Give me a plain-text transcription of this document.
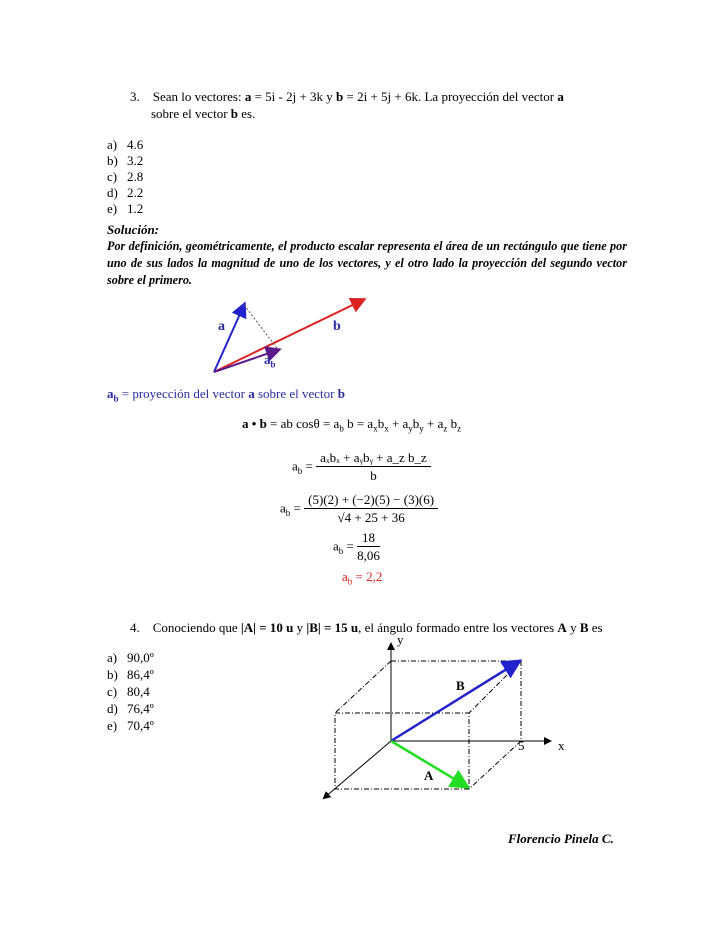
3. Sean lo vectores: a = 5i - 2j + 3k y b = 2i + 5j + 6k. La proyección del vector a
sobre el vector b es.
a) 4.6
b) 3.2
c) 2.8
d) 2.2
e) 1.2
Solución:
Por definición, geométricamente, el producto escalar representa el área de un rectángulo que tiene por uno de sus lados la magnitud de uno de los vectores, y el otro lado la proyección del segundo vector sobre el primero.
a	b
$a_b$
$a_b$ = proyección del vector a sobre el vector b
a • b = ab $\cos\theta = a_b$ $b = a_xb_x + a_yb_y + a_z$ $b_z$
$a_b = \frac{\text{aₓbₓ + aᵧbᵧ + a\_z b\_z}}{b}$
$a_b = \frac{(5)(2) + (-2)(5) - (3)(6)}{√4 + 25 + 36}$
$a_b = \frac{18}{8,06}$
$a_b = 2,2$
4. Conociendo que |A| = 10 u y |B| = 15 u, el ángulo formado entre los vectores A y B es
a) 90,0º
b) 86,4º
c) 80,4
d) 76,4º
e) 70,4º
y
x
5
B
A
Florencio Pinela C.
